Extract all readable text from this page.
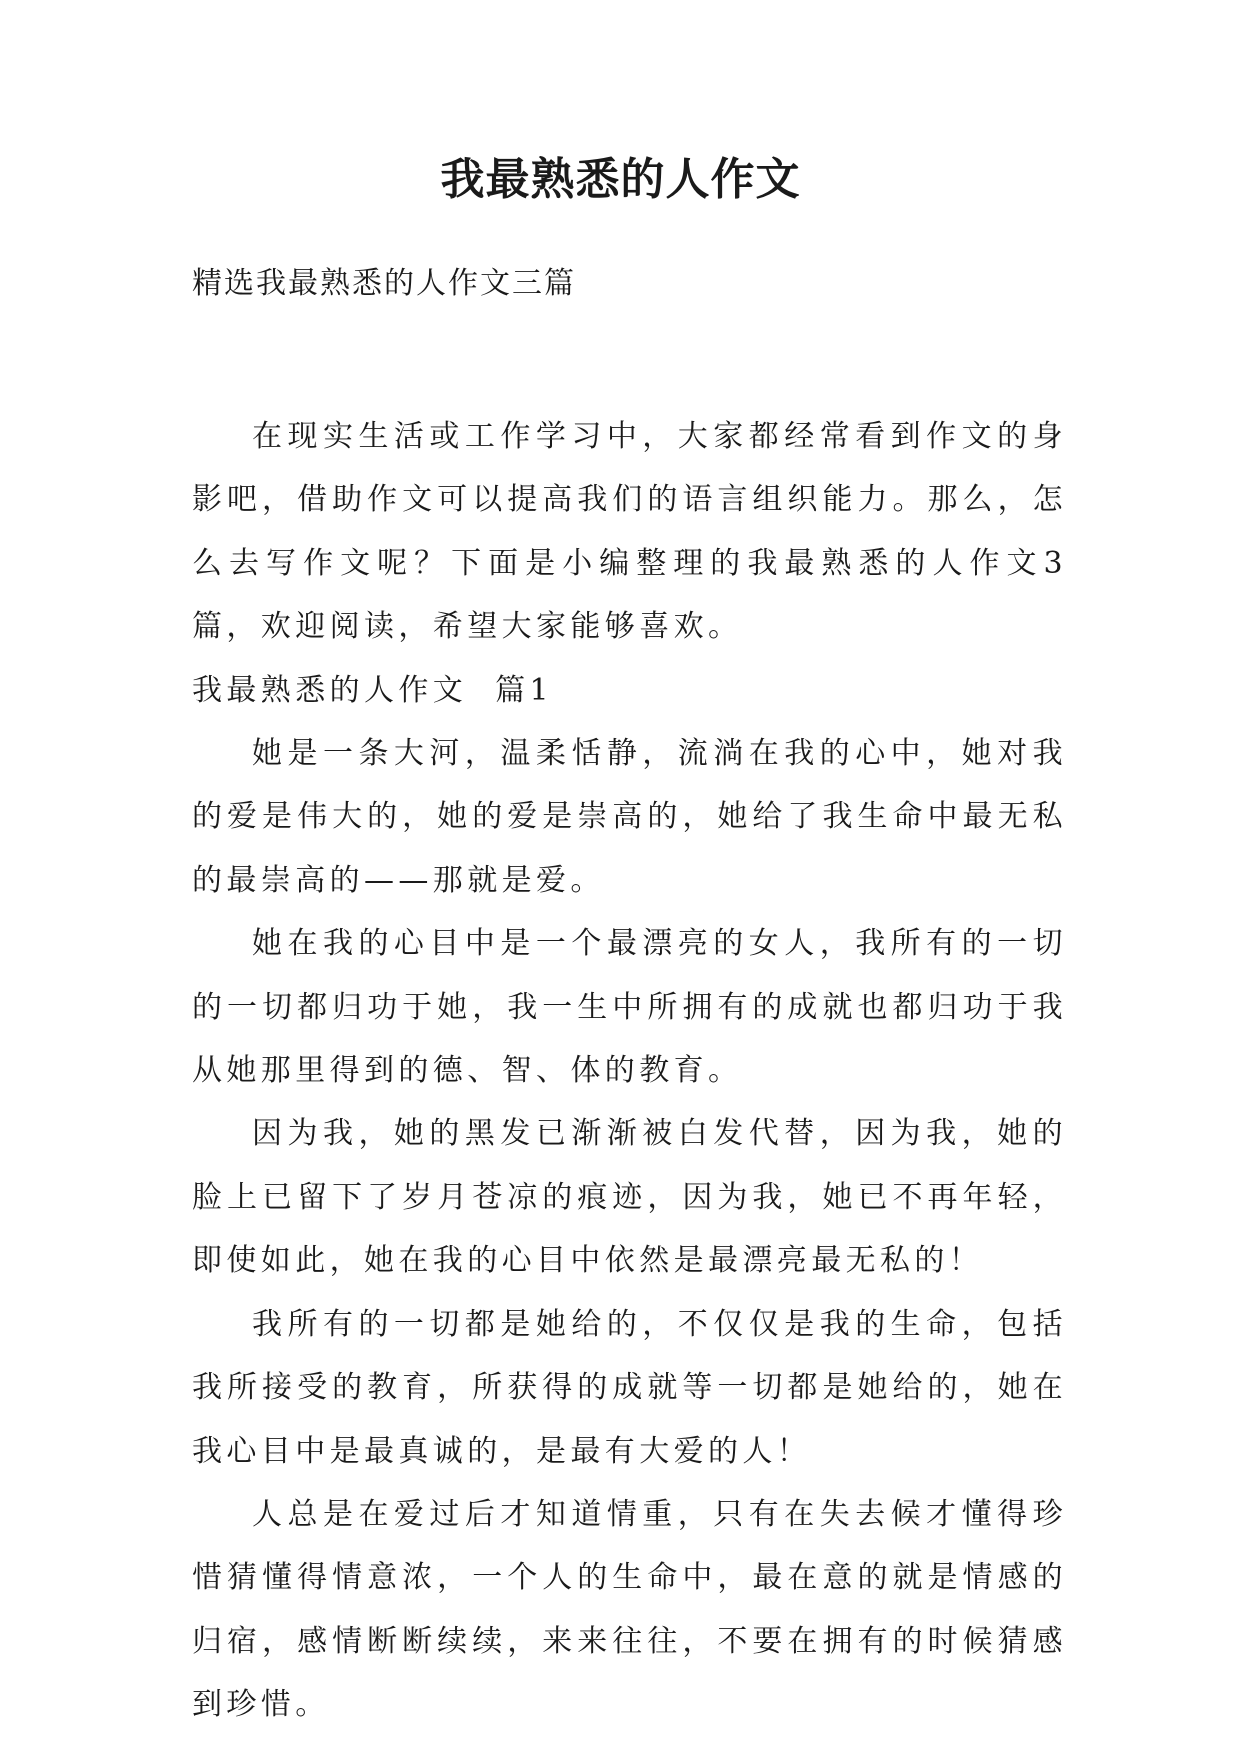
我最熟悉的人作文
精选我最熟悉的人作文三篇

在现实生活或工作学习中，大家都经常看到作文的身影吧，借助作文可以提高我们的语言组织能力。那么，怎么去写作文呢？下面是小编整理的我最熟悉的人作文3篇，欢迎阅读，希望大家能够喜欢。

我最熟悉的人作文  篇1

她是一条大河，温柔恬静，流淌在我的心中，她对我的爱是伟大的，她的爱是崇高的，她给了我生命中最无私的最崇高的——那就是爱。

她在我的心目中是一个最漂亮的女人，我所有的一切的一切都归功于她，我一生中所拥有的成就也都归功于我从她那里得到的德、智、体的教育。

因为我，她的黑发已渐渐被白发代替，因为我，她的脸上已留下了岁月苍凉的痕迹，因为我，她已不再年轻，即使如此，她在我的心目中依然是最漂亮最无私的！

我所有的一切都是她给的，不仅仅是我的生命，包括我所接受的教育，所获得的成就等一切都是她给的，她在我心目中是最真诚的，是最有大爱的人！

人总是在爱过后才知道情重，只有在失去候才懂得珍惜猜懂得情意浓，一个人的生命中，最在意的就是情感的归宿，感情断断续续，来来往往，不要在拥有的时候猜感到珍惜。
